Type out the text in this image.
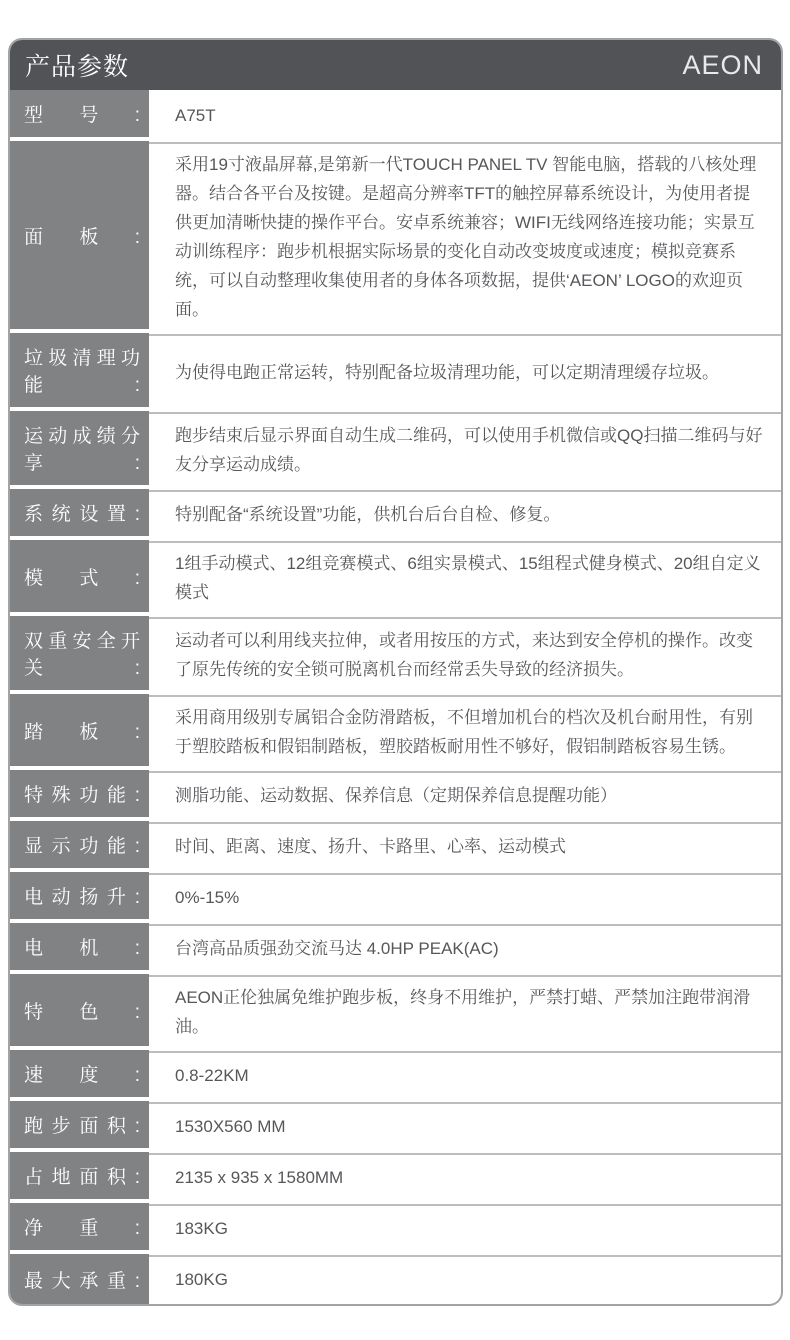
产品参数	AEON
型号: A75T
面板:
采用19寸液晶屏幕,是第新一代TOUCH PANEL TV 智能电脑，搭载的八核处理器。结合各平台及按键。是超高分辨率TFT的触控屏幕系统设计，为使用者提供更加清晰快捷的操作平台。安卓系统兼容；WIFI无线网络连接功能；实景互动训练程序：跑步机根据实际场景的变化自动改变坡度或速度；模拟竞赛系统，可以自动整理收集使用者的身体各项数据，提供‘AEON’ LOGO的欢迎页面。
垃圾清理功能:
为使得电跑正常运转，特别配备垃圾清理功能，可以定期清理缓存垃圾。
运动成绩分享:
跑步结束后显示界面自动生成二维码，可以使用手机微信或QQ扫描二维码与好友分享运动成绩。
系统设置: 特别配备“系统设置”功能，供机台后台自检、修复。
模式:
1组手动模式、12组竞赛模式、6组实景模式、15组程式健身模式、20组自定义模式
双重安全开关:
运动者可以利用线夹拉伸，或者用按压的方式，来达到安全停机的操作。改变了原先传统的安全锁可脱离机台而经常丢失导致的经济损失。
踏板:
采用商用级别专属铝合金防滑踏板，不但增加机台的档次及机台耐用性，有别于塑胶踏板和假铝制踏板，塑胶踏板耐用性不够好，假铝制踏板容易生锈。
特殊功能: 测脂功能、运动数据、保养信息（定期保养信息提醒功能）
显示功能: 时间、距离、速度、扬升、卡路里、心率、运动模式
电动扬升: 0%-15%
电机: 台湾高品质强劲交流马达 4.0HP PEAK(AC)
特色:
AEON正伦独属免维护跑步板，终身不用维护，严禁打蜡、严禁加注跑带润滑油。
速度: 0.8-22KM
跑步面积: 1530X560 MM
占地面积: 2135 x 935 x 1580MM
净重: 183KG
最大承重: 180KG
